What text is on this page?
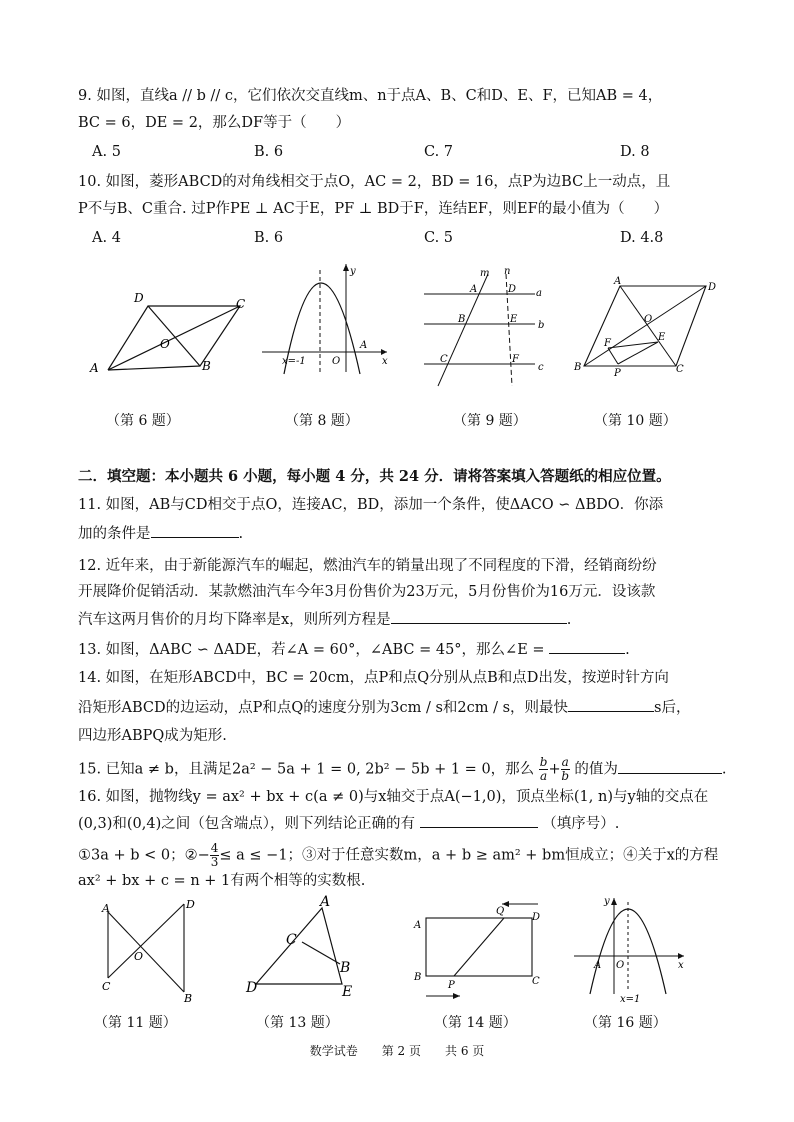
9. 如图，直线a // b // c，它们依次交直线m、n于点A、B、C和D、E、F，已知AB = 4，
BC = 6，DE = 2，那么DF等于（　　）
A. 5	B. 6	C. 7	D. 8
10. 如图，菱形ABCD的对角线相交于点O，AC = 2，BD = 16，点P为边BC上一动点，且
P不与B、C重合. 过P作PE ⊥ AC于E，PF ⊥ BD于F，连结EF，则EF的最小值为（　　）
A. 4	B. 6	C. 5	D. 4.8
D	C
O
A	B
y
x=-1	O
A
x
m n
A	D a
B	E
b
C	F
c
A
D
O
E
F
B
P	C
（第 6 题）	（第 8 题）	（第 9 题）	（第 10 题）
二．填空题：本小题共 6 小题，每小题 4 分，共 24 分．请将答案填入答题纸的相应位置。
11. 如图，AB与CD相交于点O，连接AC，BD，添加一个条件，使ΔACO ∽ ΔBDO．你添
加的条件是	.
12. 近年来，由于新能源汽车的崛起，燃油汽车的销量出现了不同程度的下滑，经销商纷纷
开展降价促销活动．某款燃油汽车今年3月份售价为23万元，5月份售价为16万元．设该款
汽车这两月售价的月均下降率是x，则所列方程是	.
13. 如图，ΔABC ∽ ΔADE，若∠A = 60°，∠ABC = 45°，那么∠E =	.
14. 如图，在矩形ABCD中，BC = 20cm，点P和点Q分别从点B和点D出发，按逆时针方向
沿矩形ABCD的边运动，点P和点Q的速度分别为3cm / s和2cm / s，则最快	s后，
四边形ABPQ成为矩形.
15. 已知a ≠ b，且满足2a² − 5a + 1 = 0, 2b² − 5b + 1 = 0，那么 $\frac{b}{a} + \frac{a}{b}$ 的值为	.
16. 如图，抛物线y = ax² + bx + c(a ≠ 0)与x轴交于点A(−1,0)，顶点坐标(1, n)与y轴的交点在
(0,3)和(0,4)之间（包含端点），则下列结论正确的有	（填序号）.
①3a + b < 0；②− $\frac{4}{3} \le a \le -1$；③对于任意实数m，a + b ≥ am² + bm恒成立；④关于x的方程
ax² + bx + c = n + 1有两个相等的实数根.
A	D
O
C
B
A
C
B
D	E
Q
D
A
B
P	C
y
A O	x
x=1
（第 11 题）	（第 13 题）	（第 14 题）	（第 16 题）
数学试卷　　第 2 页　　共 6 页
